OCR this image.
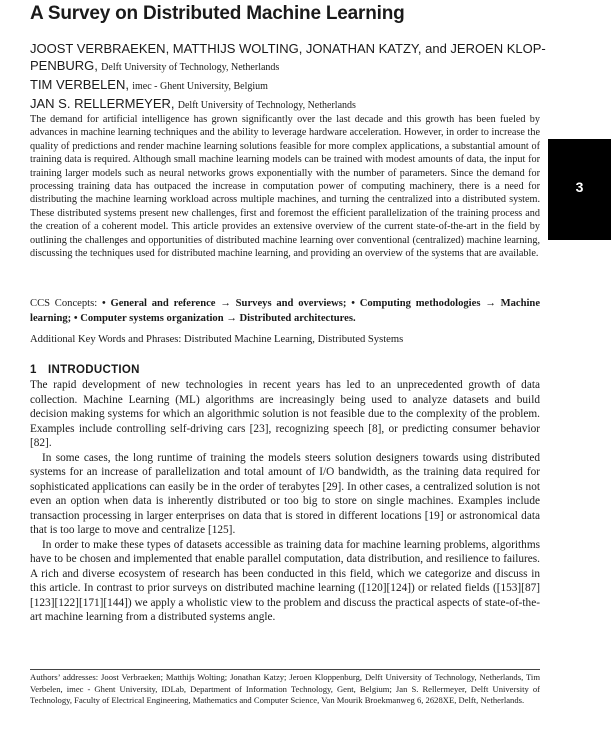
A Survey on Distributed Machine Learning
JOOST VERBRAEKEN, MATTHIJS WOLTING, JONATHAN KATZY, and JEROEN KLOP-PENBURG, Delft University of Technology, Netherlands
TIM VERBELEN, imec - Ghent University, Belgium
JAN S. RELLERMEYER, Delft University of Technology, Netherlands

The demand for artificial intelligence has grown significantly over the last decade and this growth has been fueled by advances in machine learning techniques and the ability to leverage hardware acceleration. However, in order to increase the quality of predictions and render machine learning solutions feasible for more complex applications, a substantial amount of training data is required. Although small machine learning models can be trained with modest amounts of data, the input for training larger models such as neural networks grows exponentially with the number of parameters. Since the demand for processing training data has outpaced the increase in computation power of computing machinery, there is a need for distributing the machine learning workload across multiple machines, and turning the centralized into a distributed system. These distributed systems present new challenges, first and foremost the efficient parallelization of the training process and the creation of a coherent model. This article provides an extensive overview of the current state-of-the-art in the field by outlining the challenges and opportunities of distributed machine learning over conventional (centralized) machine learning, discussing the techniques used for distributed machine learning, and providing an overview of the systems that are available.

CCS Concepts: • General and reference → Surveys and overviews; • Computing methodologies → Machine learning; • Computer systems organization → Distributed architectures.

Additional Key Words and Phrases: Distributed Machine Learning, Distributed Systems

1 INTRODUCTION

The rapid development of new technologies in recent years has led to an unprecedented growth of data collection. Machine Learning (ML) algorithms are increasingly being used to analyze datasets and build decision making systems for which an algorithmic solution is not feasible due to the complexity of the problem. Examples include controlling self-driving cars [23], recognizing speech [8], or predicting consumer behavior [82].

In some cases, the long runtime of training the models steers solution designers towards using distributed systems for an increase of parallelization and total amount of I/O bandwidth, as the training data required for sophisticated applications can easily be in the order of terabytes [29]. In other cases, a centralized solution is not even an option when data is inherently distributed or too big to store on single machines. Examples include transaction processing in larger enterprises on data that is stored in different locations [19] or astronomical data that is too large to move and centralize [125].

In order to make these types of datasets accessible as training data for machine learning problems, algorithms have to be chosen and implemented that enable parallel computation, data distribution, and resilience to failures. A rich and diverse ecosystem of research has been conducted in this field, which we categorize and discuss in this article. In contrast to prior surveys on distributed machine learning ([120][124]) or related fields ([153][87][123][122][171][144]) we apply a wholistic view to the problem and discuss the practical aspects of state-of-the-art machine learning from a distributed systems angle.

Authors’ addresses: Joost Verbraeken; Matthijs Wolting; Jonathan Katzy; Jeroen Kloppenburg, Delft University of Technology, Netherlands, Tim Verbelen, imec - Ghent University, IDLab, Department of Information Technology, Gent, Belgium; Jan S. Rellermeyer, Delft University of Technology, Faculty of Electrical Engineering, Mathematics and Computer Science, Van Mourik Broekmanweg 6, 2628XE, Delft, Netherlands.

3
